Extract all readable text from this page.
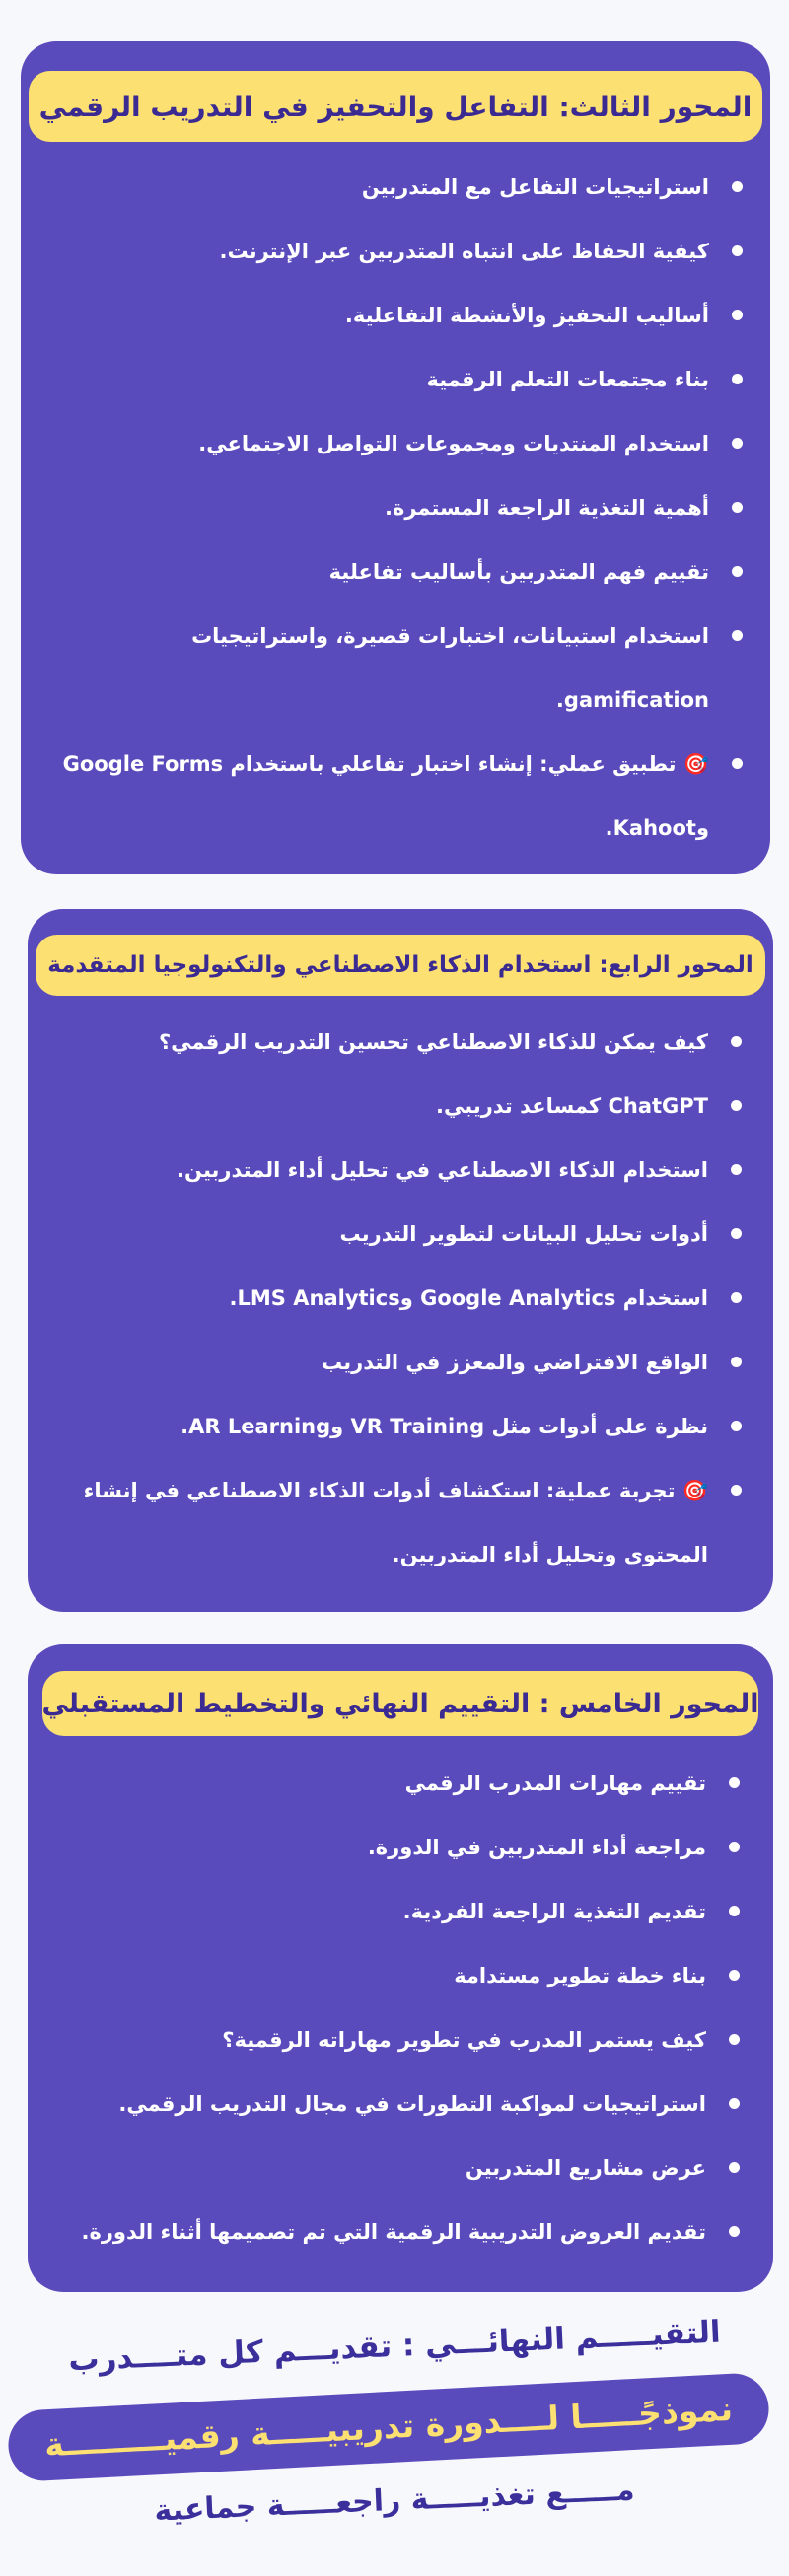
المحور الثالث: التفاعل والتحفيز في التدريب الرقمي
استراتيجيات التفاعل مع المتدربين
كيفية الحفاظ على انتباه المتدربين عبر الإنترنت.
أساليب التحفيز والأنشطة التفاعلية.
بناء مجتمعات التعلم الرقمية
استخدام المنتديات ومجموعات التواصل الاجتماعي.
أهمية التغذية الراجعة المستمرة.
تقييم فهم المتدربين بأساليب تفاعلية
استخدام استبيانات، اختبارات قصيرة، واستراتيجيات gamification.
🎯 تطبيق عملي: إنشاء اختبار تفاعلي باستخدام Google Forms وKahoot.
المحور الرابع: استخدام الذكاء الاصطناعي والتكنولوجيا المتقدمة
كيف يمكن للذكاء الاصطناعي تحسين التدريب الرقمي؟
ChatGPT كمساعد تدريبي.
استخدام الذكاء الاصطناعي في تحليل أداء المتدربين.
أدوات تحليل البيانات لتطوير التدريب
استخدام Google Analytics وLMS Analytics.
الواقع الافتراضي والمعزز في التدريب
نظرة على أدوات مثل VR Training وAR Learning.
🎯 تجربة عملية: استكشاف أدوات الذكاء الاصطناعي في إنشاء المحتوى وتحليل أداء المتدربين.
المحور الخامس : التقييم النهائي والتخطيط المستقبلي
تقييم مهارات المدرب الرقمي
مراجعة أداء المتدربين في الدورة.
تقديم التغذية الراجعة الفردية.
بناء خطة تطوير مستدامة
كيف يستمر المدرب في تطوير مهاراته الرقمية؟
استراتيجيات لمواكبة التطورات في مجال التدريب الرقمي.
عرض مشاريع المتدربين
تقديم العروض التدريبية الرقمية التي تم تصميمها أثناء الدورة.
التقيـــــم النهائـــي : تقديـــم كل متــــدرب
نموذجًـــــا لــــدورة تدريبيـــــة رقميـــــــــة
مـــــع تغذيـــــة راجعـــــة جماعية
